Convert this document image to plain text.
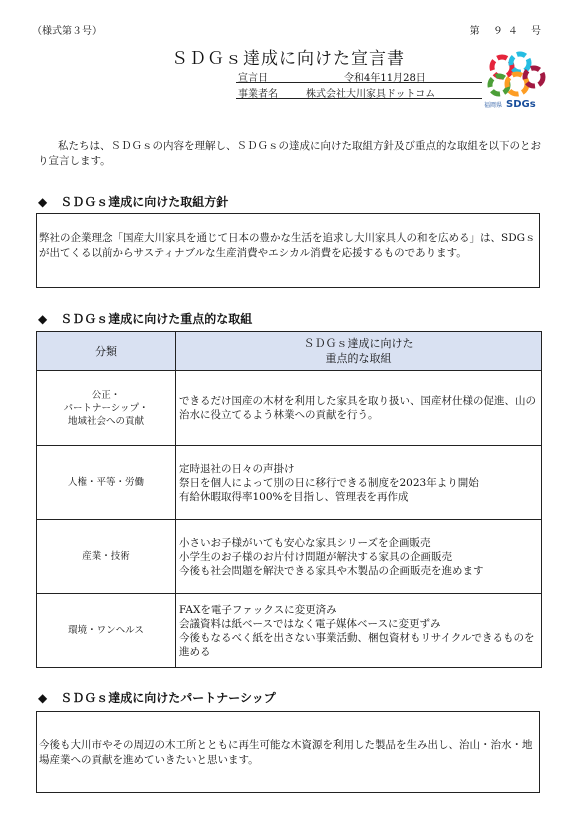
（様式第３号）	第 ９４ 号
ＳＤＧｓ達成に向けた宣言書
宣言日	令和4年11月28日
事業者名	株式会社大川家具ドットコム
福岡県 SDGs
私たちは、ＳＤＧｓの内容を理解し、ＳＤＧｓの達成に向けた取組方針及び重点的な取組を以下のとおり宣言します。
◆ ＳＤＧｓ達成に向けた取組方針
弊社の企業理念「国産大川家具を通じて日本の豊かな生活を追求し大川家具人の和を広める」は、SDGｓが出てくる以前からサスティナブルな生産消費やエシカル消費を応援するものであります。
◆ ＳＤＧｓ達成に向けた重点的な取組
分類	ＳＤＧｓ達成に向けた
重点的な取組

公正・
パートナーシップ・
地域社会への貢献	できるだけ国産の木材を利用した家具を取り扱い、国産材仕様の促進、山の治水に役立てるよう林業への貢献を行う。
人権・平等・労働	定時退社の日々の声掛け
祭日を個人によって別の日に移行できる制度を2023年より開始
有給休暇取得率100%を目指し、管理表を再作成

産業・技術	小さいお子様がいても安心な家具シリーズを企画販売
小学生のお子様のお片付け問題が解決する家具の企画販売
今後も社会問題を解決できる家具や木製品の企画販売を進めます

環境・ワンヘルス	FAXを電子ファックスに変更済み
会議資料は紙ベースではなく電子媒体ベースに変更ずみ
今後もなるべく紙を出さない事業活動、梱包資材もリサイクルできるものを進める
◆ ＳＤＧｓ達成に向けたパートナーシップ
今後も大川市やその周辺の木工所とともに再生可能な木資源を利用した製品を生み出し、治山・治水・地場産業への貢献を進めていきたいと思います。
